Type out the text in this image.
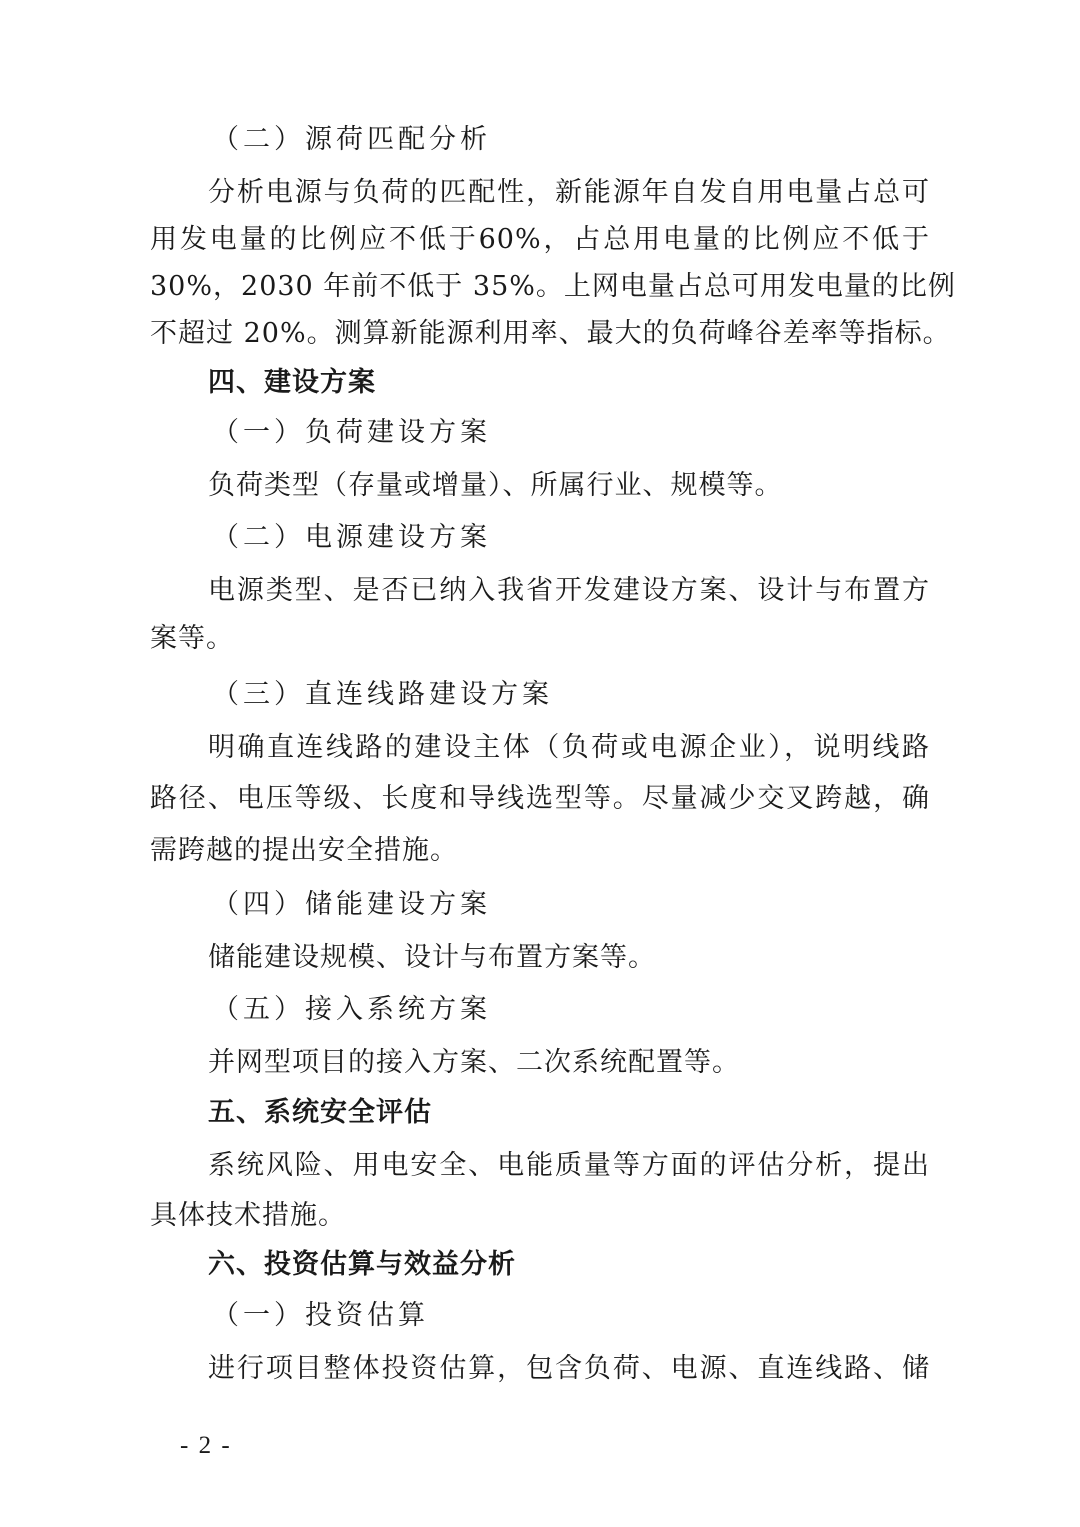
（二）源荷匹配分析
分析电源与负荷的匹配性，新能源年自发自用电量占总可
用发电量的比例应不低于60%，占总用电量的比例应不低于
30%，2030 年前不低于 35%。上网电量占总可用发电量的比例
不超过 20%。测算新能源利用率、最大的负荷峰谷差率等指标。
四、建设方案
（一）负荷建设方案
负荷类型（存量或增量）、所属行业、规模等。
（二）电源建设方案
电源类型、是否已纳入我省开发建设方案、设计与布置方
案等。
（三）直连线路建设方案
明确直连线路的建设主体（负荷或电源企业），说明线路
路径、电压等级、长度和导线选型等。尽量减少交叉跨越，确
需跨越的提出安全措施。
（四）储能建设方案
储能建设规模、设计与布置方案等。
（五）接入系统方案
并网型项目的接入方案、二次系统配置等。
五、系统安全评估
系统风险、用电安全、电能质量等方面的评估分析，提出
具体技术措施。
六、投资估算与效益分析
（一）投资估算
进行项目整体投资估算，包含负荷、电源、直连线路、储
- 2 -
